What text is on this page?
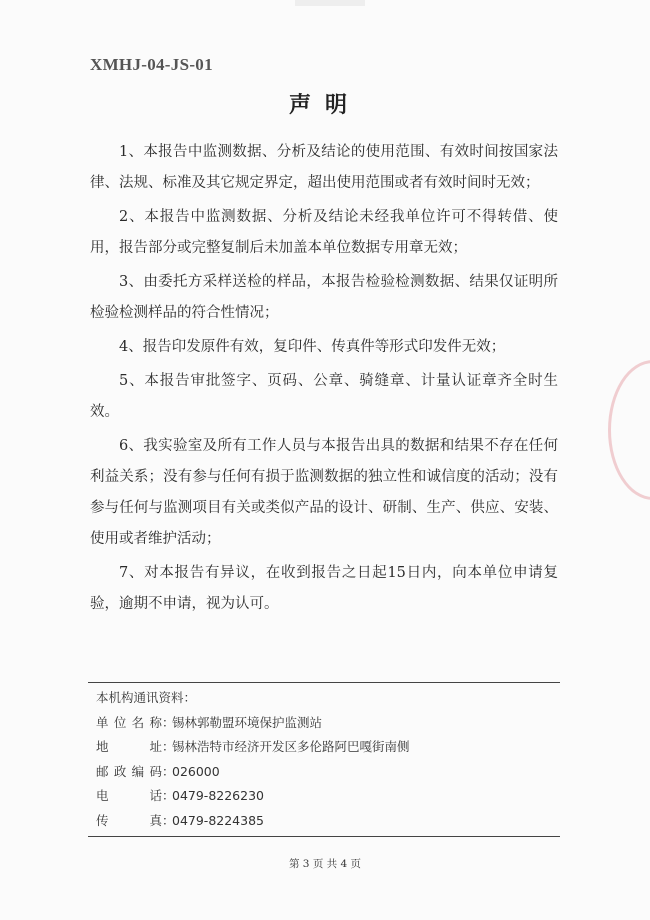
XMHJ-04-JS-01
声明

1、本报告中监测数据、分析及结论的使用范围、有效时间按国家法律、法规、标准及其它规定界定，超出使用范围或者有效时间时无效；

2、本报告中监测数据、分析及结论未经我单位许可不得转借、使用，报告部分或完整复制后未加盖本单位数据专用章无效；

3、由委托方采样送检的样品，本报告检验检测数据、结果仅证明所检验检测样品的符合性情况；

4、报告印发原件有效，复印件、传真件等形式印发件无效；

5、本报告审批签字、页码、公章、骑缝章、计量认证章齐全时生效。

6、我实验室及所有工作人员与本报告出具的数据和结果不存在任何利益关系；没有参与任何有损于监测数据的独立性和诚信度的活动；没有参与任何与监测项目有关或类似产品的设计、研制、生产、供应、安装、使用或者维护活动；

7、对本报告有异议，在收到报告之日起15日内，向本单位申请复验，逾期不申请，视为认可。

本机构通讯资料：
单位名称 ：
锡林郭勒盟环境保护监测站
地址 ：
锡林浩特市经济开发区多伦路阿巴嘎街南侧
邮政编码 ：
026000
电话 ：
0479-8226230
传真 ：
0479-8224385
第 3 页 共 4 页
